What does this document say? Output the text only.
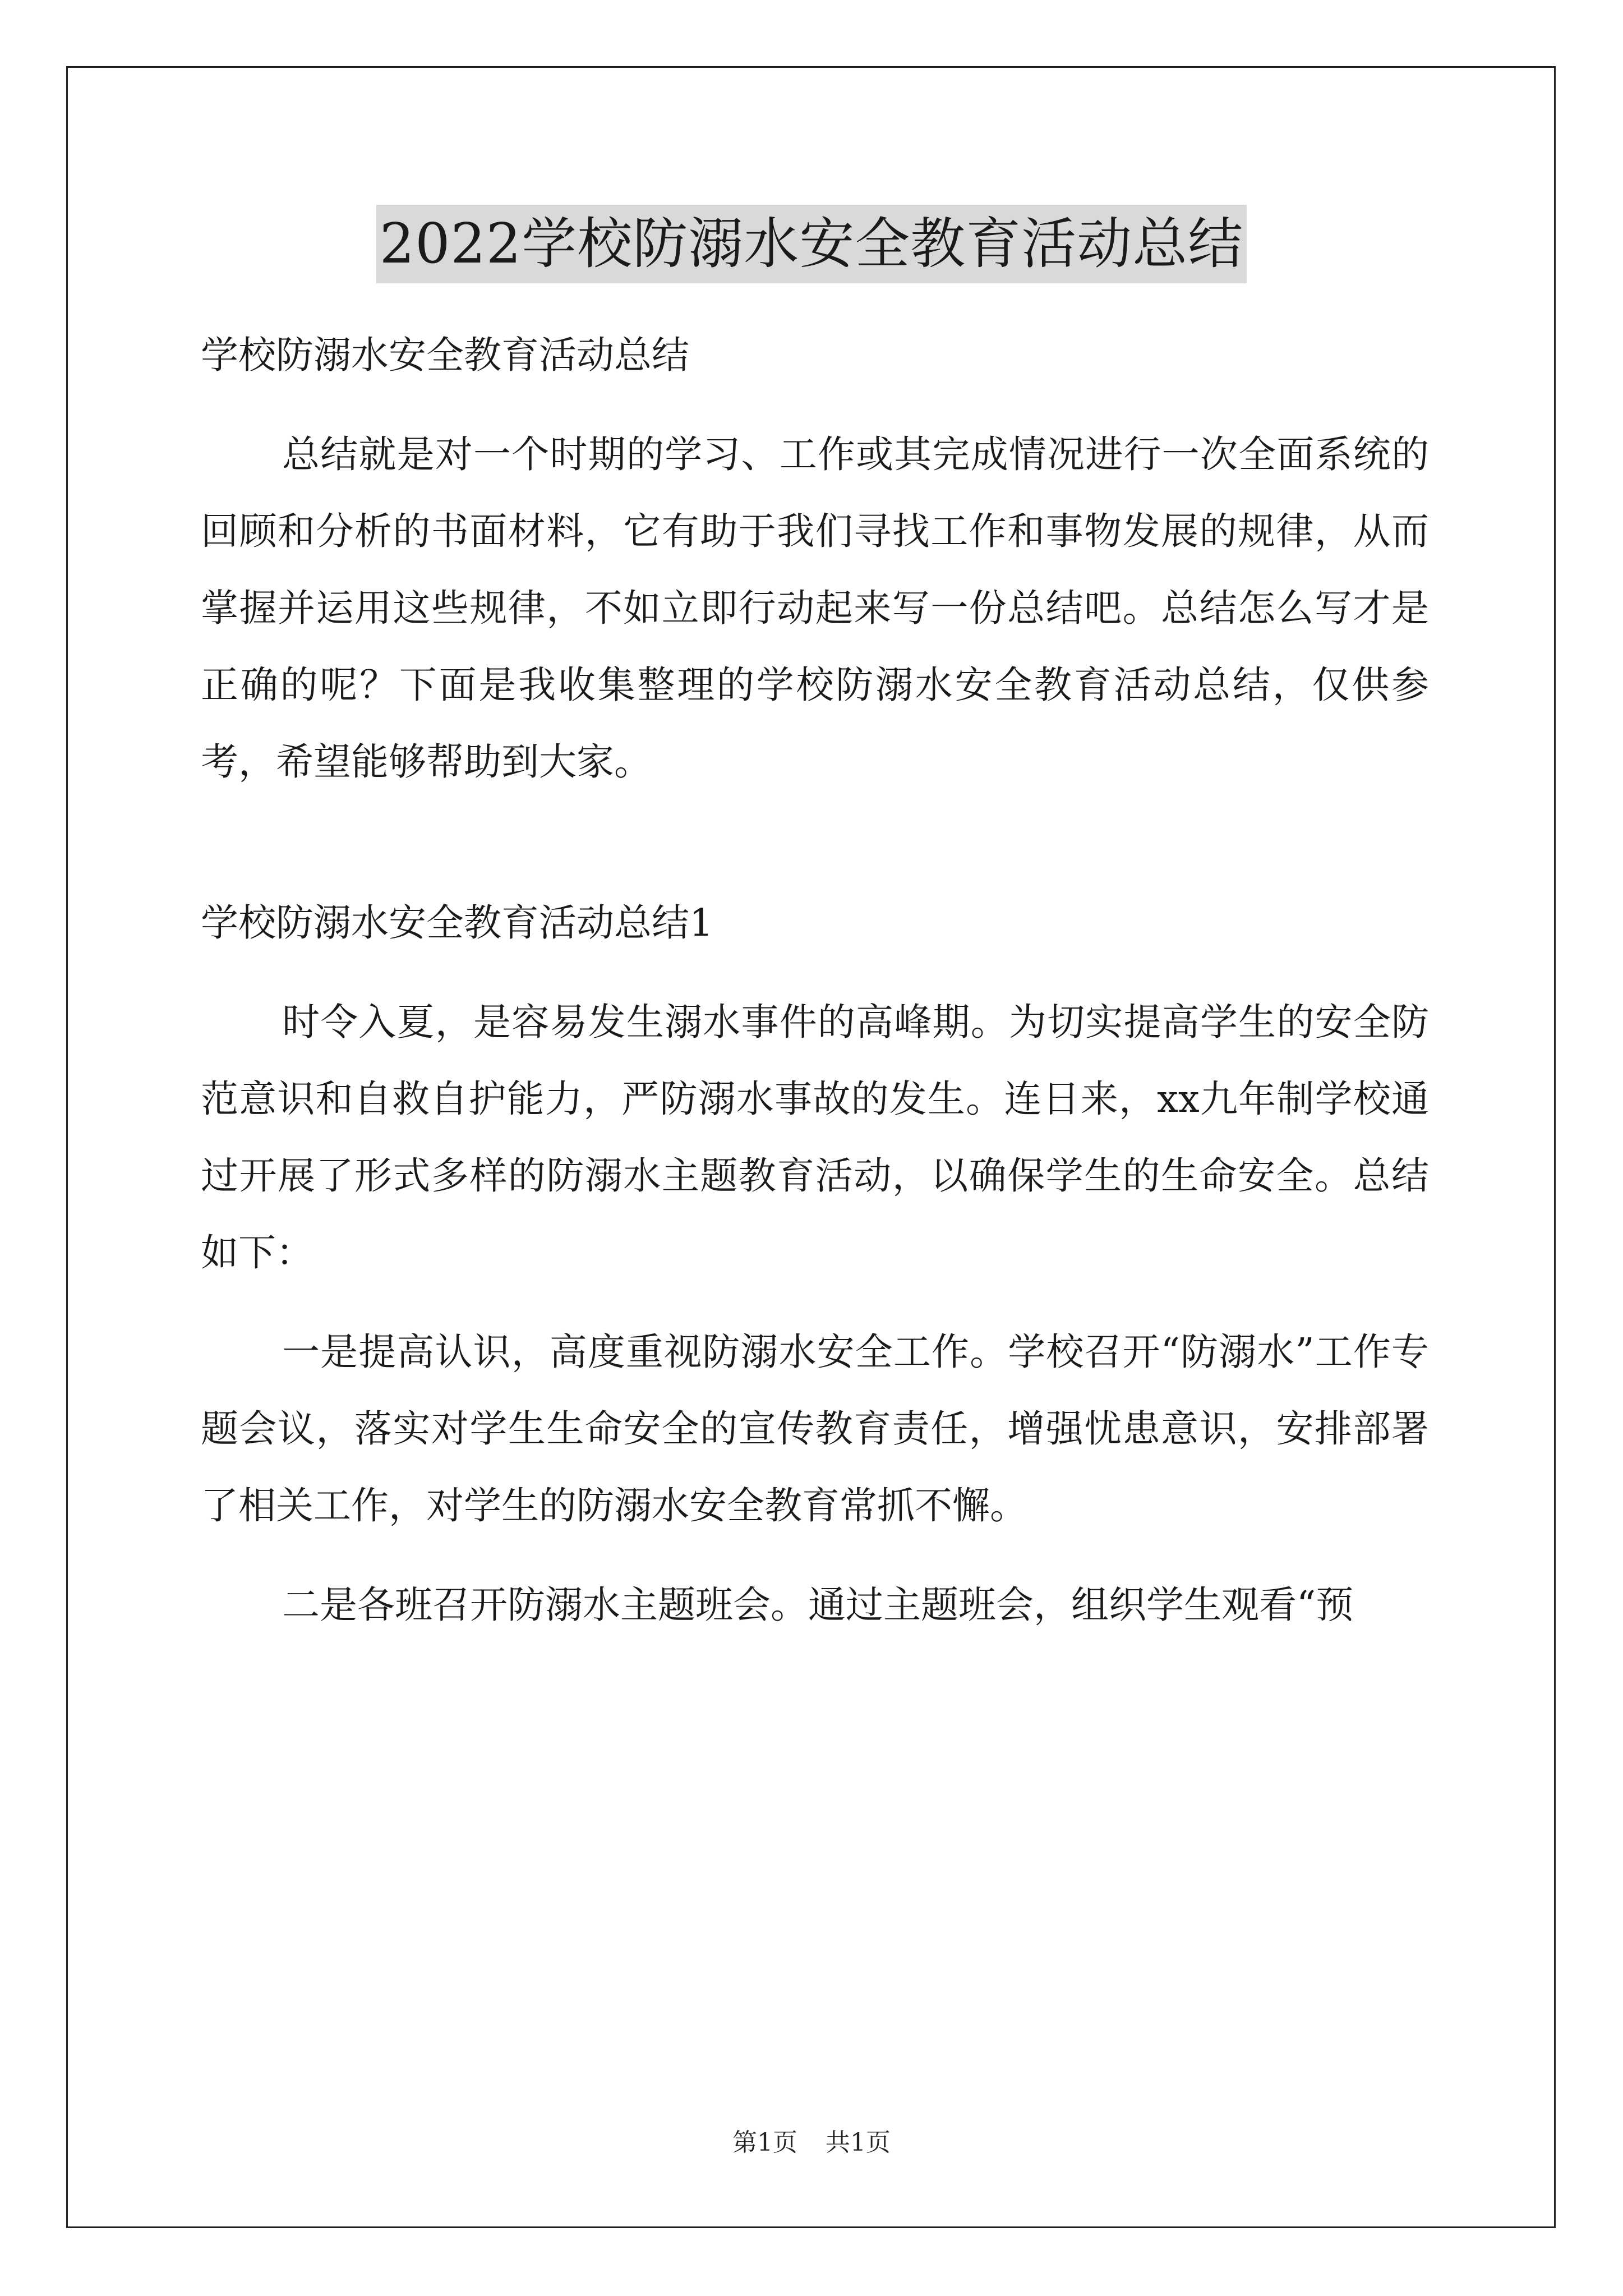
2022学校防溺水安全教育活动总结

学校防溺水安全教育活动总结

总结就是对一个时期的学习、工作或其完成情况进行一次全面系统的回顾和分析的书面材料，它有助于我们寻找工作和事物发展的规律，从而掌握并运用这些规律，不如立即行动起来写一份总结吧。总结怎么写才是正确的呢？下面是我收集整理的学校防溺水安全教育活动总结，仅供参考，希望能够帮助到大家。

学校防溺水安全教育活动总结1

时令入夏，是容易发生溺水事件的高峰期。为切实提高学生的安全防范意识和自救自护能力，严防溺水事故的发生。连日来，xx九年制学校通过开展了形式多样的防溺水主题教育活动，以确保学生的生命安全。总结如下：

一是提高认识，高度重视防溺水安全工作。学校召开“防溺水”工作专题会议，落实对学生生命安全的宣传教育责任，增强忧患意识，安排部署了相关工作，对学生的防溺水安全教育常抓不懈。

二是各班召开防溺水主题班会。通过主题班会，组织学生观看“预

第1页 共1页
